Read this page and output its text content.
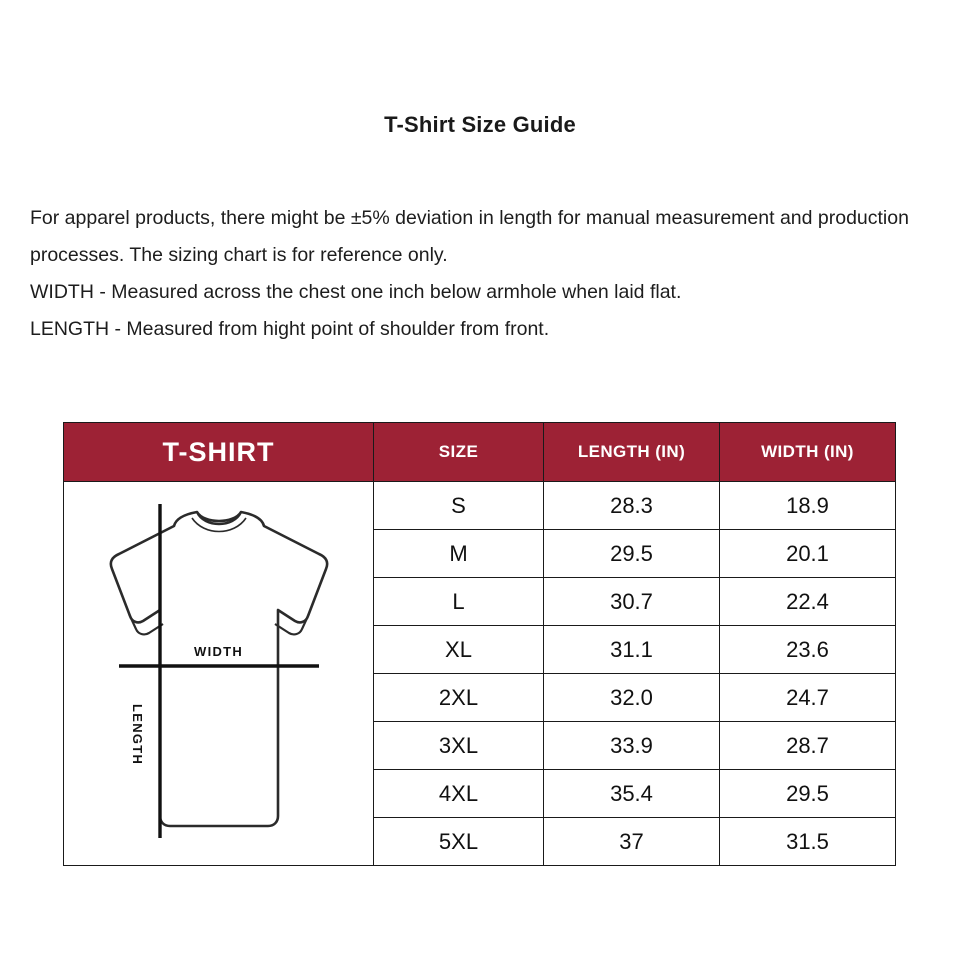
T-Shirt Size Guide

For apparel products, there might be ±5% deviation in length for manual measurement and production processes. The sizing chart is for reference only.

WIDTH - Measured across the chest one inch below armhole when laid flat.

LENGTH - Measured from hight point of shoulder from front.

T-SHIRT	SIZE	LENGTH (IN)	WIDTH (IN)

WIDTH
LENGTH	S	28.3	18.9
	M	29.5	20.1
	L	30.7	22.4
	XL	31.1	23.6
	2XL	32.0	24.7
	3XL	33.9	28.7
	4XL	35.4	29.5
	5XL	37	31.5
